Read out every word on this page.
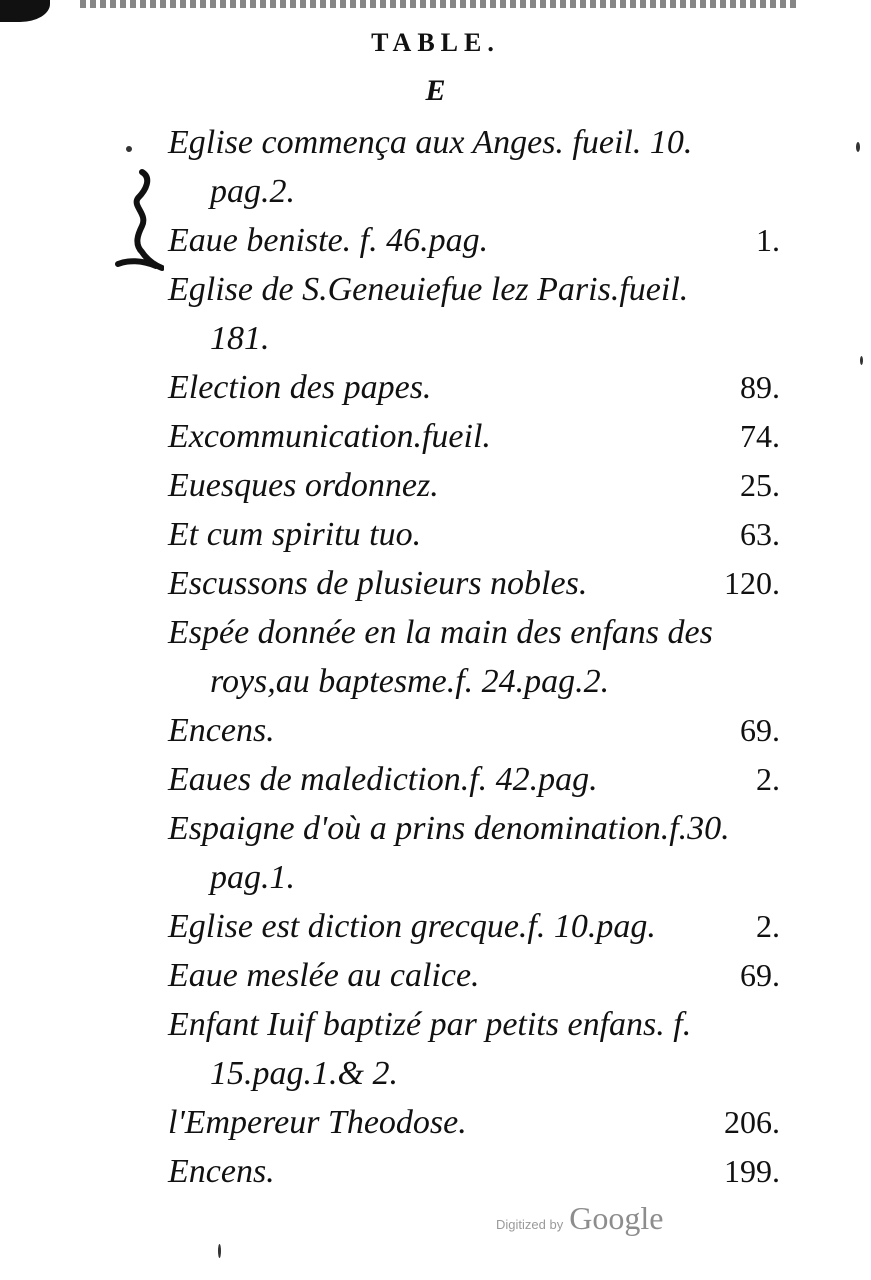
TABLE.
E
Eglise commença aux Anges. fueil. 10.
pag.2.
Eaue beniste. f. 46.pag.	1.
Eglise de S.Geneuiefue lez Paris.fueil.
181.
Election des papes.	89.
Excommunication.fueil.	74.
Euesques ordonnez.	25.
Et cum spiritu tuo.	63.
Escussons de plusieurs nobles.	120.
Espée donnée en la main des enfans des
roys,au baptesme.f. 24.pag.2.
Encens.	69.
Eaues de malediction.f. 42.pag.	2.
Espaigne d'où a prins denomination.f.30.
pag.1.
Eglise est diction grecque.f. 10.pag.	2.
Eaue meslée au calice.	69.
Enfant Iuif baptizé par petits enfans. f.
15.pag.1.& 2.
l'Empereur Theodose.	206.
Encens.	199.
Digitized by Google
